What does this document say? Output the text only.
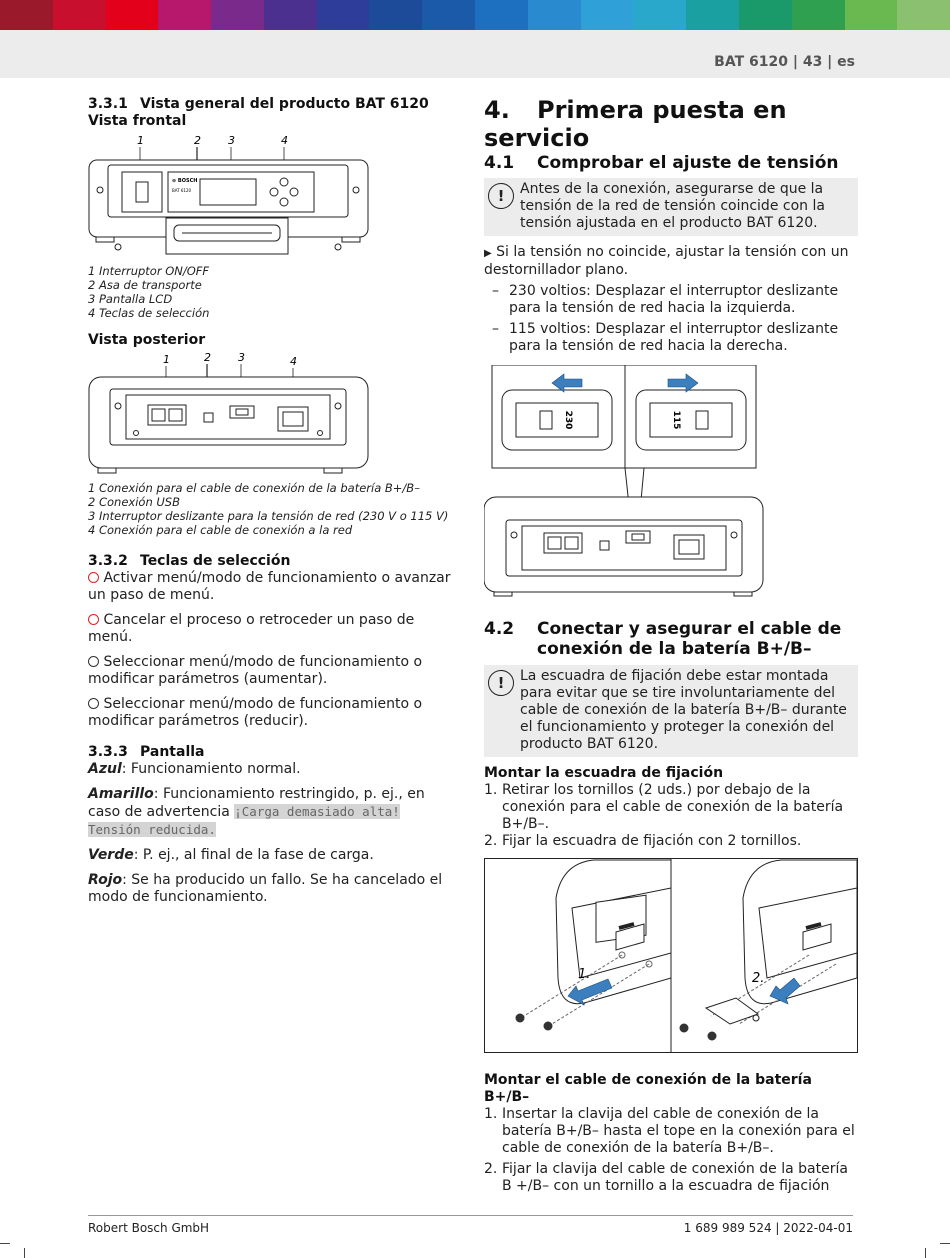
BAT 6120 | 43 | es
3.3.1 Vista general del producto BAT 6120
Vista frontal
1	2 3	4
⊖ BOSCH
BAT 6120
1 Interruptor ON/OFF
2 Asa de transporte
3 Pantalla LCD
4 Teclas de selección
Vista posterior
1	2 3	4
1 Conexión para el cable de conexión de la batería B+/B–
2 Conexión USB
3 Interruptor deslizante para la tensión de red (230 V o 115 V)
4 Conexión para el cable de conexión a la red
3.3.2 Teclas de selección

Activar menú/modo de funcionamiento o avanzar un paso de menú.

Cancelar el proceso o retroceder un paso de menú.

Seleccionar menú/modo de funcionamiento o modificar parámetros (aumentar).

Seleccionar menú/modo de funcionamiento o modificar parámetros (reducir).

3.3.3 Pantalla

Azul: Funcionamiento normal.

Amarillo: Funcionamiento restringido, p. ej., en caso de advertencia ¡Carga demasiado alta! Tensión reducida.

Verde: P. ej., al final de la fase de carga.

Rojo: Se ha producido un fallo. Se ha cancelado el modo de funcionamiento.

4. Primera puesta en servicio
4.1 Comprobar el ajuste de tensión
!	Antes de la conexión, asegurarse de que la tensión de la red de tensión coincide con la tensión ajustada en el producto BAT 6120.

▶ Si la tensión no coincide, ajustar la tensión con un destornillador plano.

– 230 voltios: Desplazar el interruptor deslizante para la tensión de red hacia la izquierda.
– 115 voltios: Desplazar el interruptor deslizante para la tensión de red hacia la derecha.
230	115
4.2	Conectar y asegurar el cable de conexión de la batería B+/B–
!	La escuadra de fijación debe estar montada para evitar que se tire involuntariamente del cable de conexión de la batería B+/B– durante el funcionamiento y proteger la conexión del producto BAT 6120.

Montar la escuadra de fijación
1. Retirar los tornillos (2 uds.) por debajo de la conexión para el cable de conexión de la batería B+/B–.
2. Fijar la escuadra de fijación con 2 tornillos.
1.	2.
Montar el cable de conexión de la batería B+/B–
1. Insertar la clavija del cable de conexión de la batería B+/B– hasta el tope en la conexión para el cable de conexión de la batería B+/B–.
2. Fijar la clavija del cable de conexión de la batería B +/B– con un tornillo a la escuadra de fijación
Robert Bosch GmbH	1 689 989 524 | 2022-04-01
